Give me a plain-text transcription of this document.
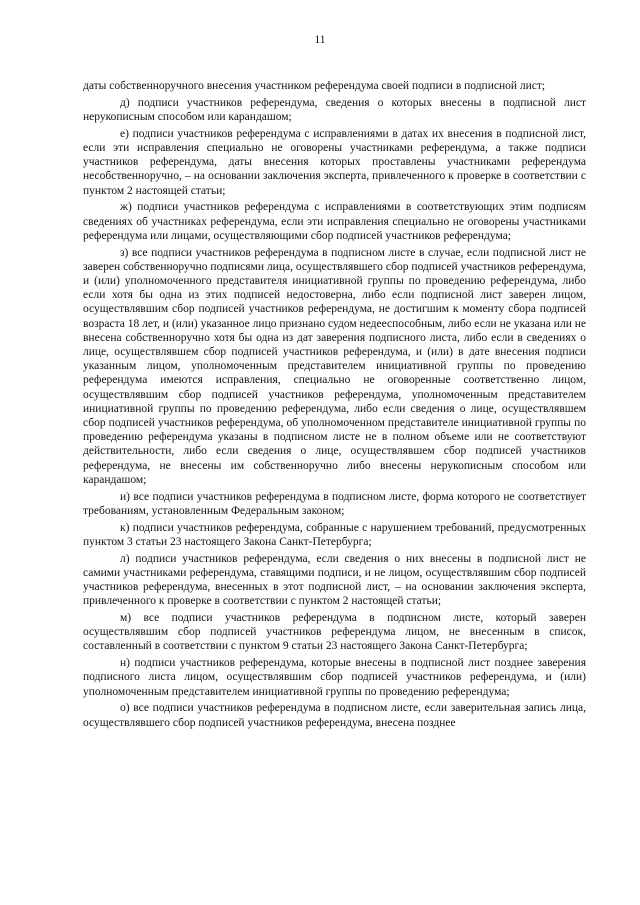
11

даты собственноручного внесения участником референдума своей подписи в подписной лист;

д) подписи участников референдума, сведения о которых внесены в подписной лист нерукописным способом или карандашом;

е) подписи участников референдума с исправлениями в датах их внесения в подписной лист, если эти исправления специально не оговорены участниками референдума, а также подписи участников референдума, даты внесения которых проставлены участниками референдума несобственноручно, – на основании заключения эксперта, привлеченного к проверке в соответствии с пунктом 2 настоящей статьи;

ж) подписи участников референдума с исправлениями в соответствующих этим подписям сведениях об участниках референдума, если эти исправления специально не оговорены участниками референдума или лицами, осуществляющими сбор подписей участников референдума;

з) все подписи участников референдума в подписном листе в случае, если подписной лист не заверен собственноручно подписями лица, осуществлявшего сбор подписей участников референдума, и (или) уполномоченного представителя инициативной группы по проведению референдума, либо если хотя бы одна из этих подписей недостоверна, либо если подписной лист заверен лицом, осуществлявшим сбор подписей участников референдума, не достигшим к моменту сбора подписей возраста 18 лет, и (или) указанное лицо признано судом недееспособным, либо если не указана или не внесена собственноручно хотя бы одна из дат заверения подписного листа, либо если в сведениях о лице, осуществлявшем сбор подписей участников референдума, и (или) в дате внесения подписи указанным лицом, уполномоченным представителем инициативной группы по проведению референдума имеются исправления, специально не оговоренные соответственно лицом, осуществлявшим сбор подписей участников референдума, уполномоченным представителем инициативной группы по проведению референдума, либо если сведения о лице, осуществлявшем сбор подписей участников референдума, об уполномоченном представителе инициативной группы по проведению референдума указаны в подписном листе не в полном объеме или не соответствуют действительности, либо если сведения о лице, осуществлявшем сбор подписей участников референдума, не внесены им собственноручно либо внесены нерукописным способом или карандашом;

и) все подписи участников референдума в подписном листе, форма которого не соответствует требованиям, установленным Федеральным законом;

к) подписи участников референдума, собранные с нарушением требований, предусмотренных пунктом 3 статьи 23 настоящего Закона Санкт-Петербурга;

л) подписи участников референдума, если сведения о них внесены в подписной лист не самими участниками референдума, ставящими подписи, и не лицом, осуществлявшим сбор подписей участников референдума, внесенных в этот подписной лист, – на основании заключения эксперта, привлеченного к проверке в соответствии с пунктом 2 настоящей статьи;

м) все подписи участников референдума в подписном листе, который заверен осуществлявшим сбор подписей участников референдума лицом, не внесенным в список, составленный в соответствии с пунктом 9 статьи 23 настоящего Закона Санкт-Петербурга;

н) подписи участников референдума, которые внесены в подписной лист позднее заверения подписного листа лицом, осуществлявшим сбор подписей участников референдума, и (или) уполномоченным представителем инициативной группы по проведению референдума;

о) все подписи участников референдума в подписном листе, если заверительная запись лица, осуществлявшего сбор подписей участников референдума, внесена позднее
